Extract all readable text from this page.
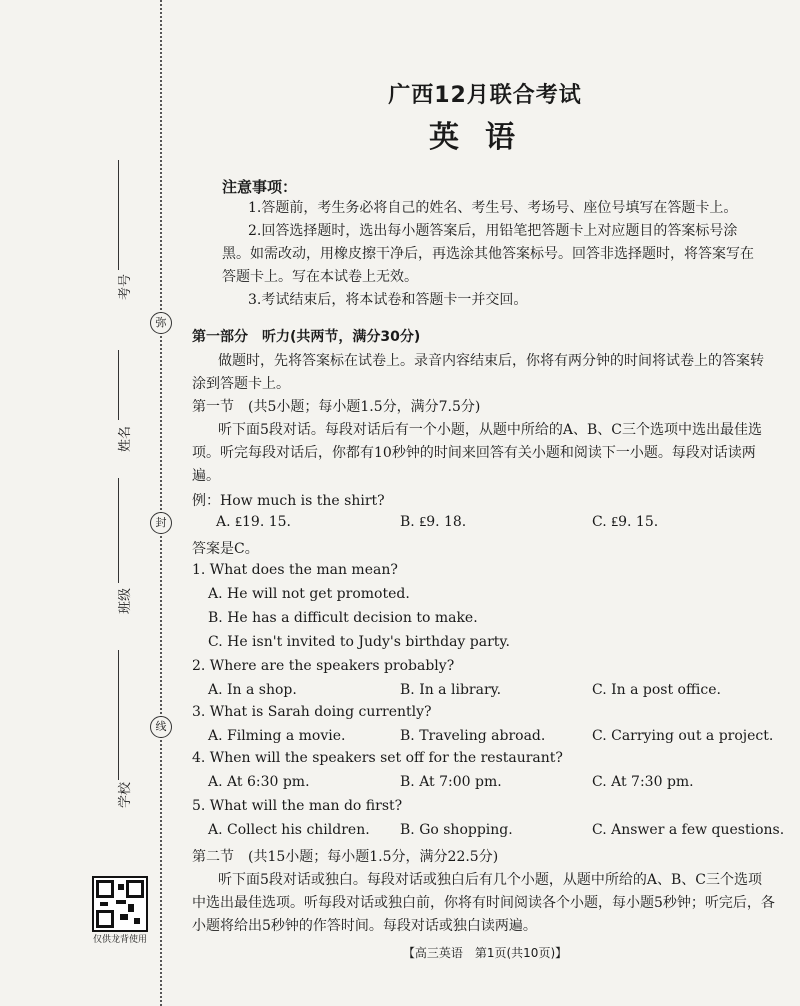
弥
封
线
考号
姓名
班级
学校
仅供龙背使用
广西12月联合考试
英语
注意事项：
1.答题前，考生务必将自己的姓名、考生号、考场号、座位号填写在答题卡上。
2.回答选择题时，选出每小题答案后，用铅笔把答题卡上对应题目的答案标号涂
黑。如需改动，用橡皮擦干净后，再选涂其他答案标号。回答非选择题时，将答案写在
答题卡上。写在本试卷上无效。
3.考试结束后，将本试卷和答题卡一并交回。
第一部分　听力(共两节，满分30分)
做题时，先将答案标在试卷上。录音内容结束后，你将有两分钟的时间将试卷上的答案转
涂到答题卡上。
第一节　(共5小题；每小题1.5分，满分7.5分)
听下面5段对话。每段对话后有一个小题，从题中所给的A、B、C三个选项中选出最佳选
项。听完每段对话后，你都有10秒钟的时间来回答有关小题和阅读下一小题。每段对话读两
遍。
例：How much is the shirt?
A. ₤19. 15.	B. ₤9. 18.	C. ₤9. 15.
答案是C。
1. What does the man mean?
A. He will not get promoted.
B. He has a difficult decision to make.
C. He isn't invited to Judy's birthday party.
2. Where are the speakers probably?
A. In a shop.	B. In a library.	C. In a post office.
3. What is Sarah doing currently?
A. Filming a movie.	B. Traveling abroad.	C. Carrying out a project.
4. When will the speakers set off for the restaurant?
A. At 6:30 pm.	B. At 7:00 pm.	C. At 7:30 pm.
5. What will the man do first?
A. Collect his children. B. Go shopping.	C. Answer a few questions.
第二节　(共15小题；每小题1.5分，满分22.5分)
听下面5段对话或独白。每段对话或独白后有几个小题，从题中所给的A、B、C三个选项
中选出最佳选项。听每段对话或独白前，你将有时间阅读各个小题，每小题5秒钟；听完后，各
小题将给出5秒钟的作答时间。每段对话或独白读两遍。
【高三英语　第1页(共10页)】
